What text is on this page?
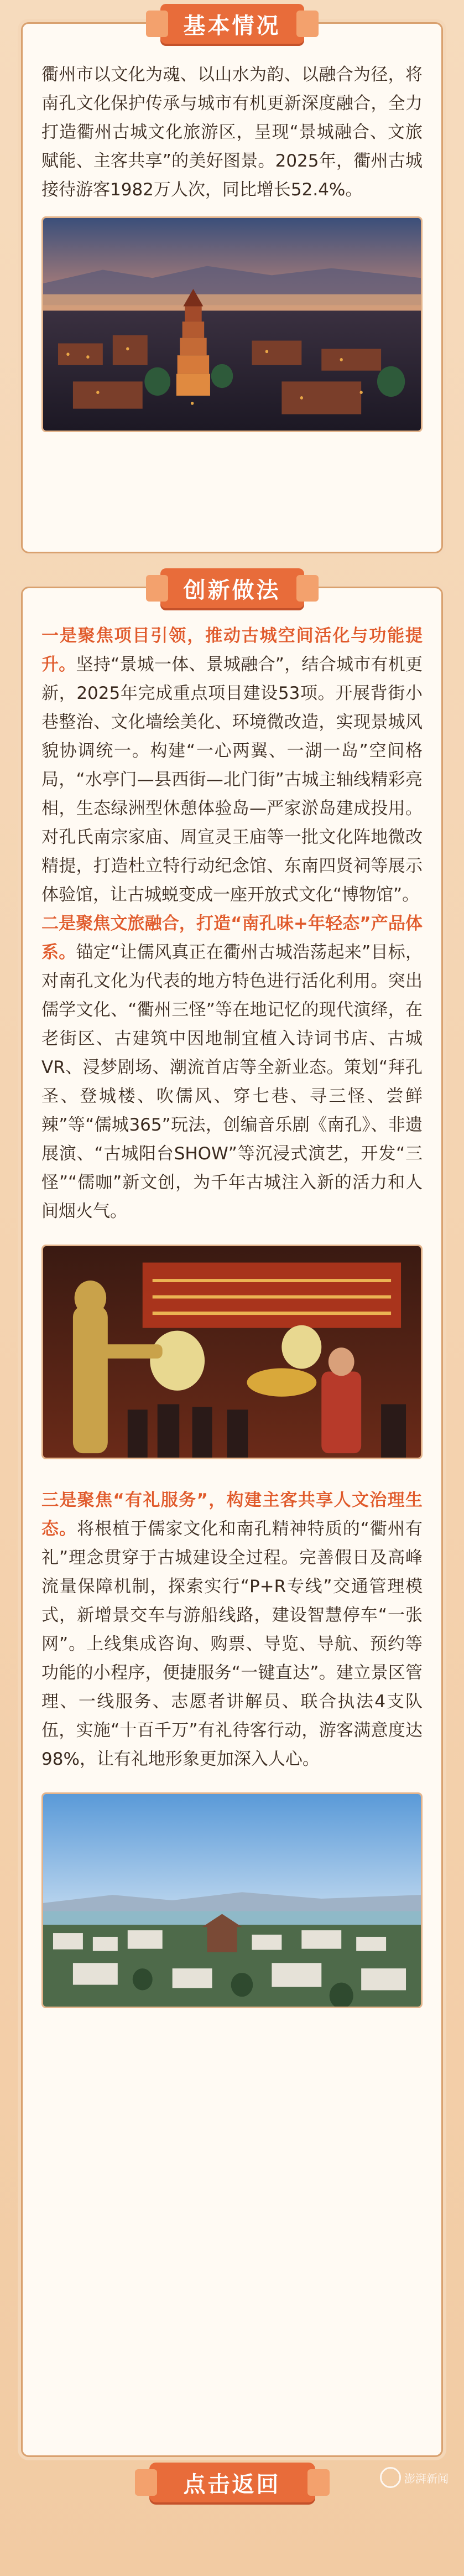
基本情况

衢州市以文化为魂、以山水为韵、以融合为径，将南孔文化保护传承与城市有机更新深度融合，全力打造衢州古城文化旅游区，呈现“景城融合、文旅赋能、主客共享”的美好图景。2025年，衢州古城接待游客1982万人次，同比增长52.4%。

创新做法

一是聚焦项目引领，推动古城空间活化与功能提升。坚持“景城一体、景城融合”，结合城市有机更新，2025年完成重点项目建设53项。开展背街小巷整治、文化墙绘美化、环境微改造，实现景城风貌协调统一。构建“一心两翼、一湖一岛”空间格局，“水亭门—县西街—北门街”古城主轴线精彩亮相，生态绿洲型休憩体验岛—严家淤岛建成投用。对孔氏南宗家庙、周宣灵王庙等一批文化阵地微改精提，打造杜立特行动纪念馆、东南四贤祠等展示体验馆，让古城蜕变成一座开放式文化“博物馆”。

二是聚焦文旅融合，打造“南孔味+年轻态”产品体系。锚定“让儒风真正在衢州古城浩荡起来”目标，对南孔文化为代表的地方特色进行活化利用。突出儒学文化、“衢州三怪”等在地记忆的现代演绎，在老街区、古建筑中因地制宜植入诗词书店、古城VR、浸梦剧场、潮流首店等全新业态。策划“拜孔圣、登城楼、吹儒风、穿七巷、寻三怪、尝鲜辣”等“儒城365”玩法，创编音乐剧《南孔》、非遗展演、“古城阳台SHOW”等沉浸式演艺，开发“三怪”“儒咖”新文创，为千年古城注入新的活力和人间烟火气。

三是聚焦“有礼服务”，构建主客共享人文治理生态。将根植于儒家文化和南孔精神特质的“衢州有礼”理念贯穿于古城建设全过程。完善假日及高峰流量保障机制，探索实行“P+R专线”交通管理模式，新增景交车与游船线路，建设智慧停车“一张网”。上线集成咨询、购票、导览、导航、预约等功能的小程序，便捷服务“一键直达”。建立景区管理、一线服务、志愿者讲解员、联合执法4支队伍，实施“十百千万”有礼待客行动，游客满意度达98%，让有礼地形象更加深入人心。

点击返回	澎湃新闻
